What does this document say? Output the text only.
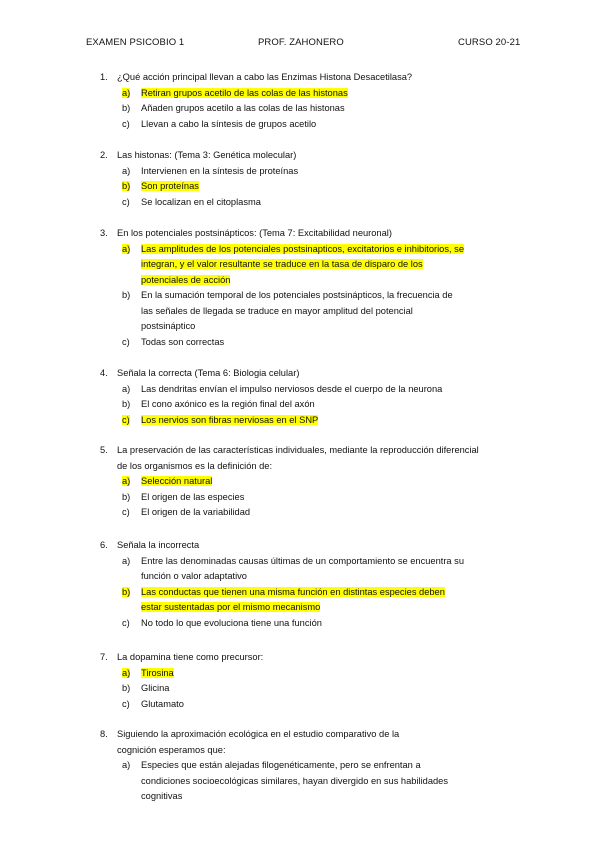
EXAMEN PSICOBIO 1	PROF. ZAHONERO	CURSO 20-21
1. ¿Qué acción principal llevan a cabo las Enzimas Histona Desacetilasa?
a) Retiran grupos acetilo de las colas de las histonas
b) Añaden grupos acetilo a las colas de las histonas
c) Llevan a cabo la síntesis de grupos acetilo
2. Las histonas: (Tema 3: Genética molecular)
a) Intervienen en la síntesis de proteínas
b) Son proteínas
c) Se localizan en el citoplasma
3. En los potenciales postsinápticos: (Tema 7: Excitabilidad neuronal)
a) Las amplitudes de los potenciales postsinapticos, excitatorios e inhibitorios, se
integran, y el valor resultante se traduce en la tasa de disparo de los
potenciales de acción
b) En la sumación temporal de los potenciales postsinápticos, la frecuencia de
las señales de llegada se traduce en mayor amplitud del potencial
postsináptico
c) Todas son correctas
4. Señala la correcta (Tema 6: Biologia celular)
a) Las dendritas envían el impulso nerviosos desde el cuerpo de la neurona
b) El cono axónico es la región final del axón
c) Los nervios son fibras nerviosas en el SNP
5. La preservación de las características individuales, mediante la reproducción diferencial
de los organismos es la definición de:
a) Selección natural
b) El origen de las especies
c) El origen de la variabilidad
6. Señala la incorrecta
a) Entre las denominadas causas últimas de un comportamiento se encuentra su
función o valor adaptativo
b) Las conductas que tienen una misma función en distintas especies deben
estar sustentadas por el mismo mecanismo
c) No todo lo que evoluciona tiene una función
7. La dopamina tiene como precursor:
a) Tirosina
b) Glicina
c) Glutamato
8. Siguiendo la aproximación ecológica en el estudio comparativo de la
cognición esperamos que:
a) Especies que están alejadas filogenéticamente, pero se enfrentan a
condiciones socioecológicas similares, hayan divergido en sus habilidades
cognitivas
